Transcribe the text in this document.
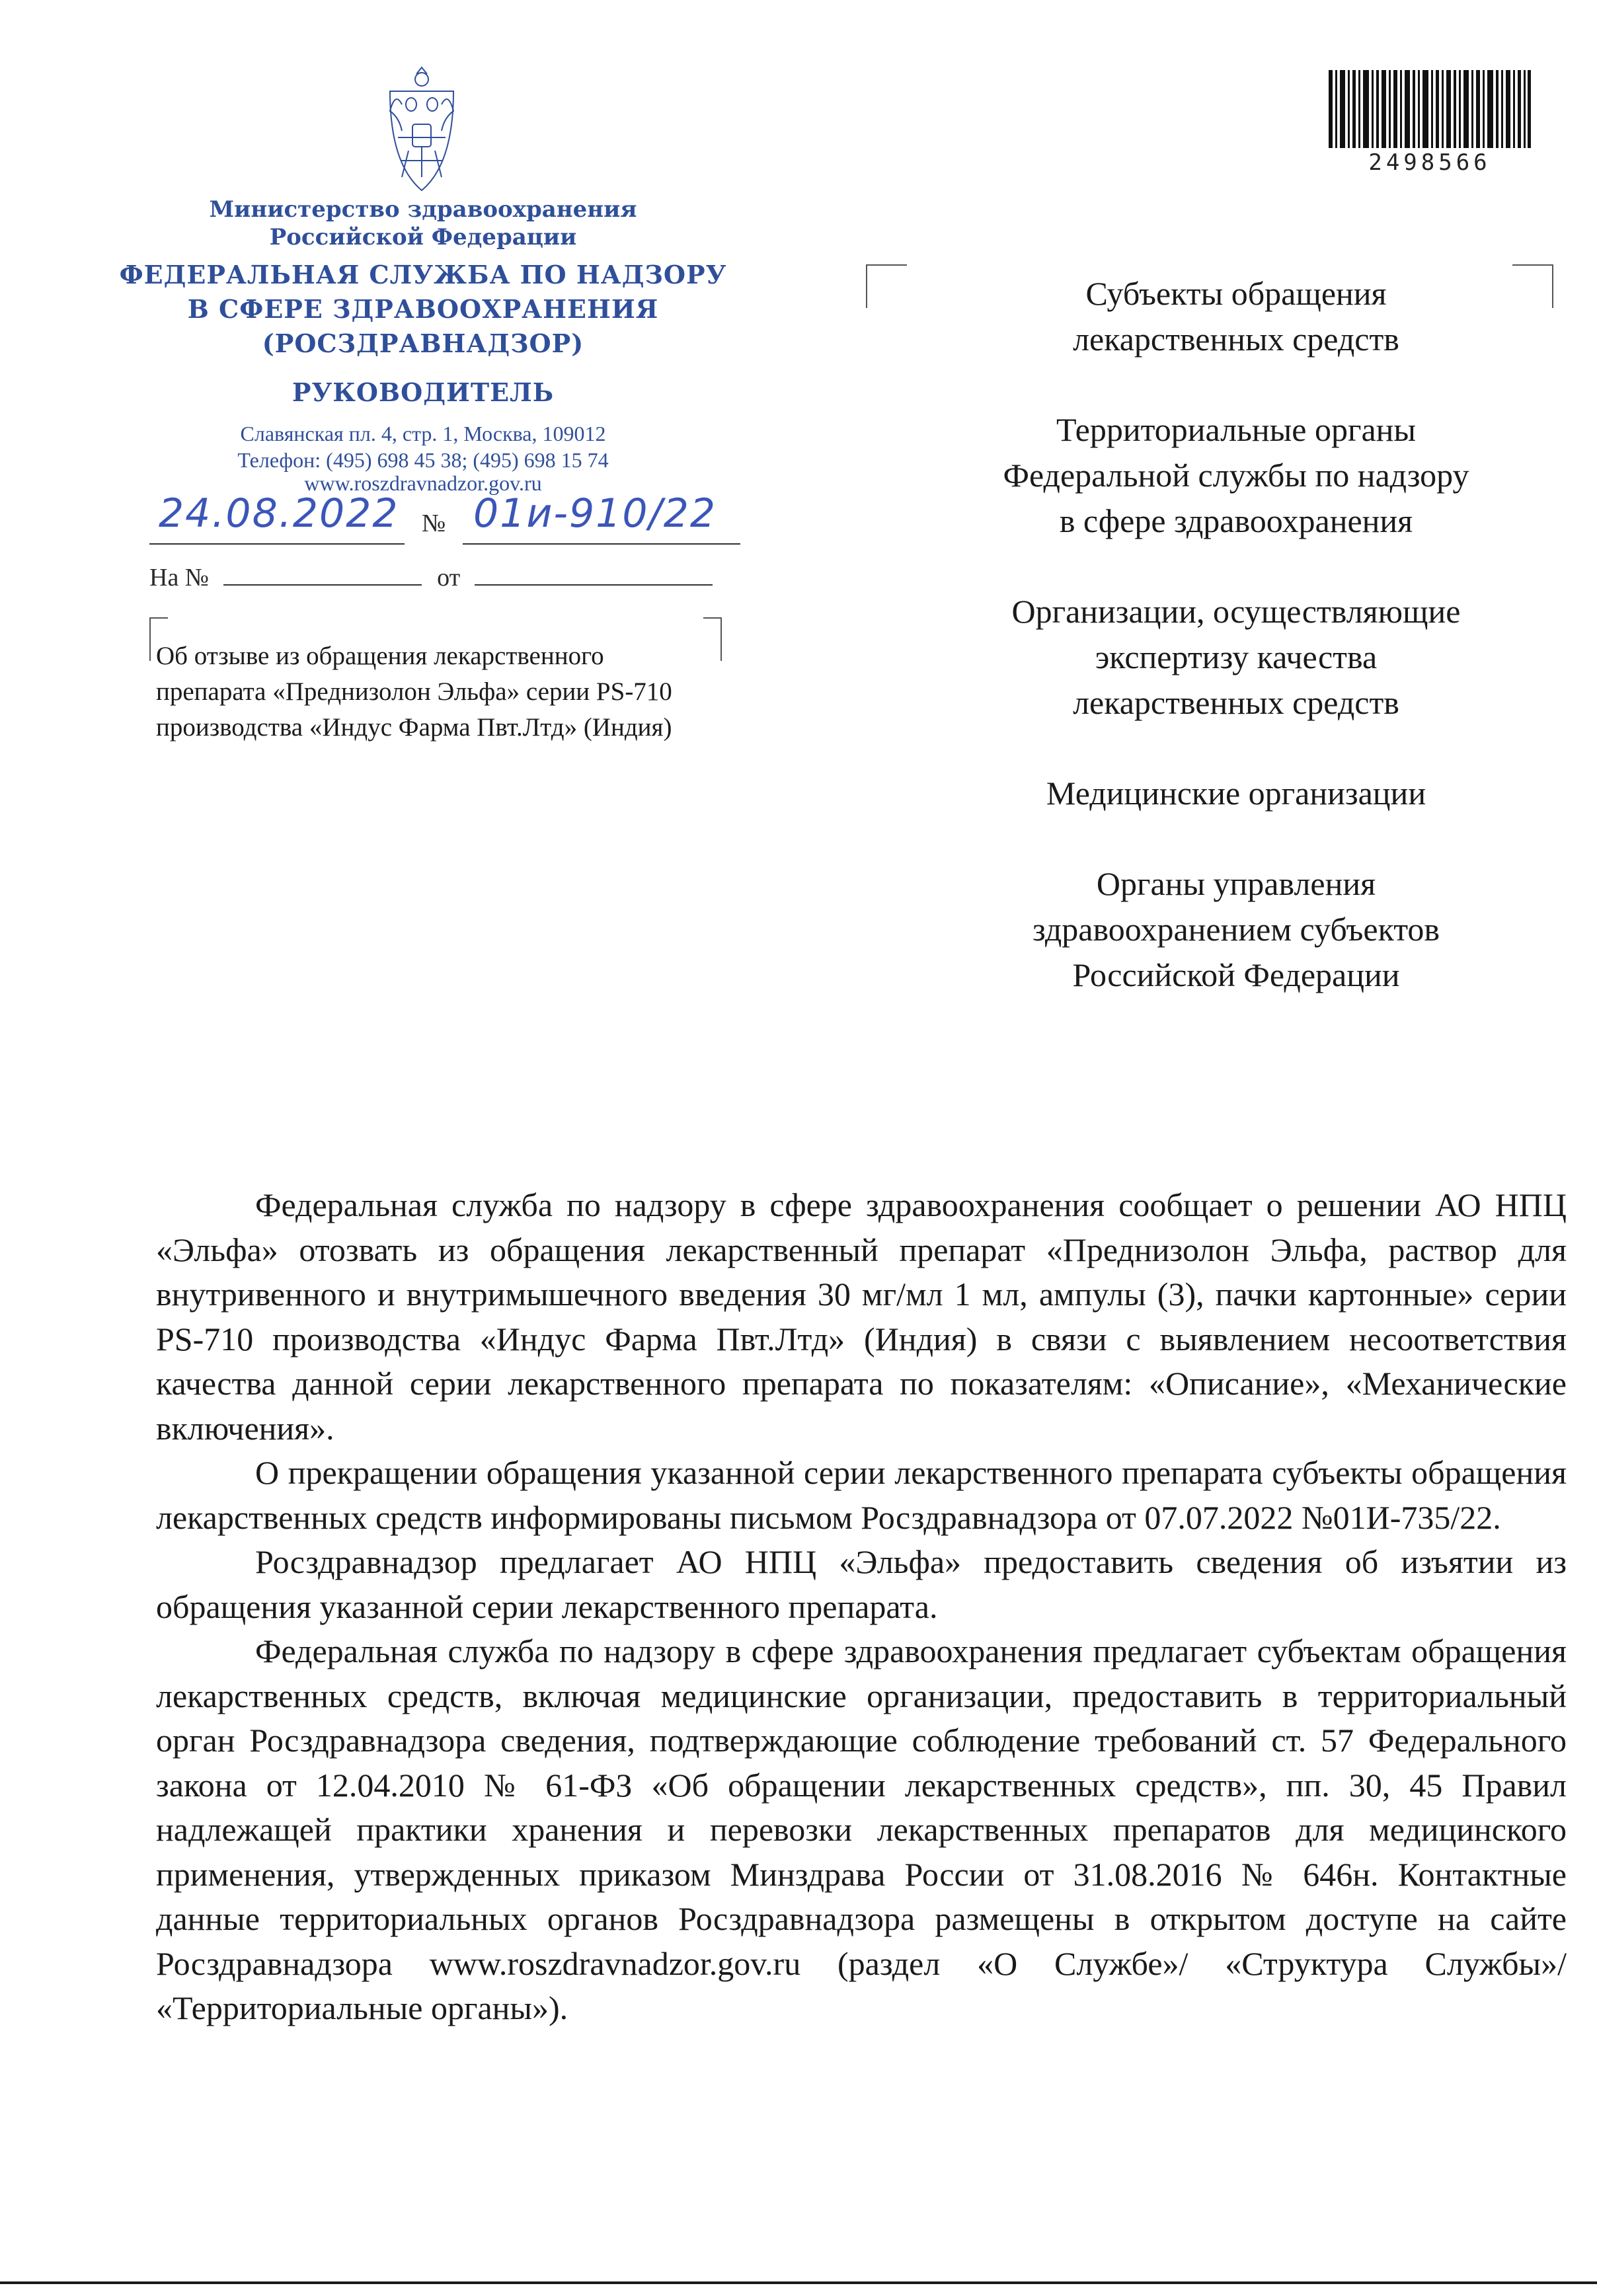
Министерство здравоохранения
Российской Федерации
ФЕДЕРАЛЬНАЯ СЛУЖБА ПО НАДЗОРУ
В СФЕРЕ ЗДРАВООХРАНЕНИЯ
(РОСЗДРАВНАДЗОР)
РУКОВОДИТЕЛЬ
Славянская пл. 4, стр. 1, Москва, 109012
Телефон: (495) 698 45 38; (495) 698 15 74
www.roszdravnadzor.gov.ru
24.08.2022 № 01и-910/22
На №	от
Об отзыве из обращения лекарственного
препарата «Преднизолон Эльфа» серии PS-710
производства «Индус Фарма Пвт.Лтд» (Индия)
2498566
Субъекты обращения
лекарственных средств
Территориальные органы
Федеральной службы по надзору
в сфере здравоохранения
Организации, осуществляющие
экспертизу качества
лекарственных средств
Медицинские организации
Органы управления
здравоохранением субъектов
Российской Федерации

Федеральная служба по надзору в сфере здравоохранения сообщает о решении АО НПЦ «Эльфа» отозвать из обращения лекарственный препарат «Преднизолон Эльфа, раствор для внутривенного и внутримышечного введения 30 мг/мл 1 мл, ампулы (3), пачки картонные» серии PS-710 производства «Индус Фарма Пвт.Лтд» (Индия) в связи с выявлением несоответствия качества данной серии лекарственного препарата по показателям: «Описание», «Механические включения».

О прекращении обращения указанной серии лекарственного препарата субъекты обращения лекарственных средств информированы письмом Росздравнадзора от 07.07.2022 №01И-735/22.

Росздравнадзор предлагает АО НПЦ «Эльфа» предоставить сведения об изъятии из обращения указанной серии лекарственного препарата.

Федеральная служба по надзору в сфере здравоохранения предлагает субъектам обращения лекарственных средств, включая медицинские организации, предоставить в территориальный орган Росздравнадзора сведения, подтверждающие соблюдение требований ст. 57 Федерального закона от 12.04.2010 № 61-ФЗ «Об обращении лекарственных средств», пп. 30, 45 Правил надлежащей практики хранения и перевозки лекарственных препаратов для медицинского применения, утвержденных приказом Минздрава России от 31.08.2016 № 646н. Контактные данные территориальных органов Росздравнадзора размещены в открытом доступе на сайте Росздравнадзора www.roszdravnadzor.gov.ru (раздел «О Службе»/ «Структура Службы»/ «Территориальные органы»).
